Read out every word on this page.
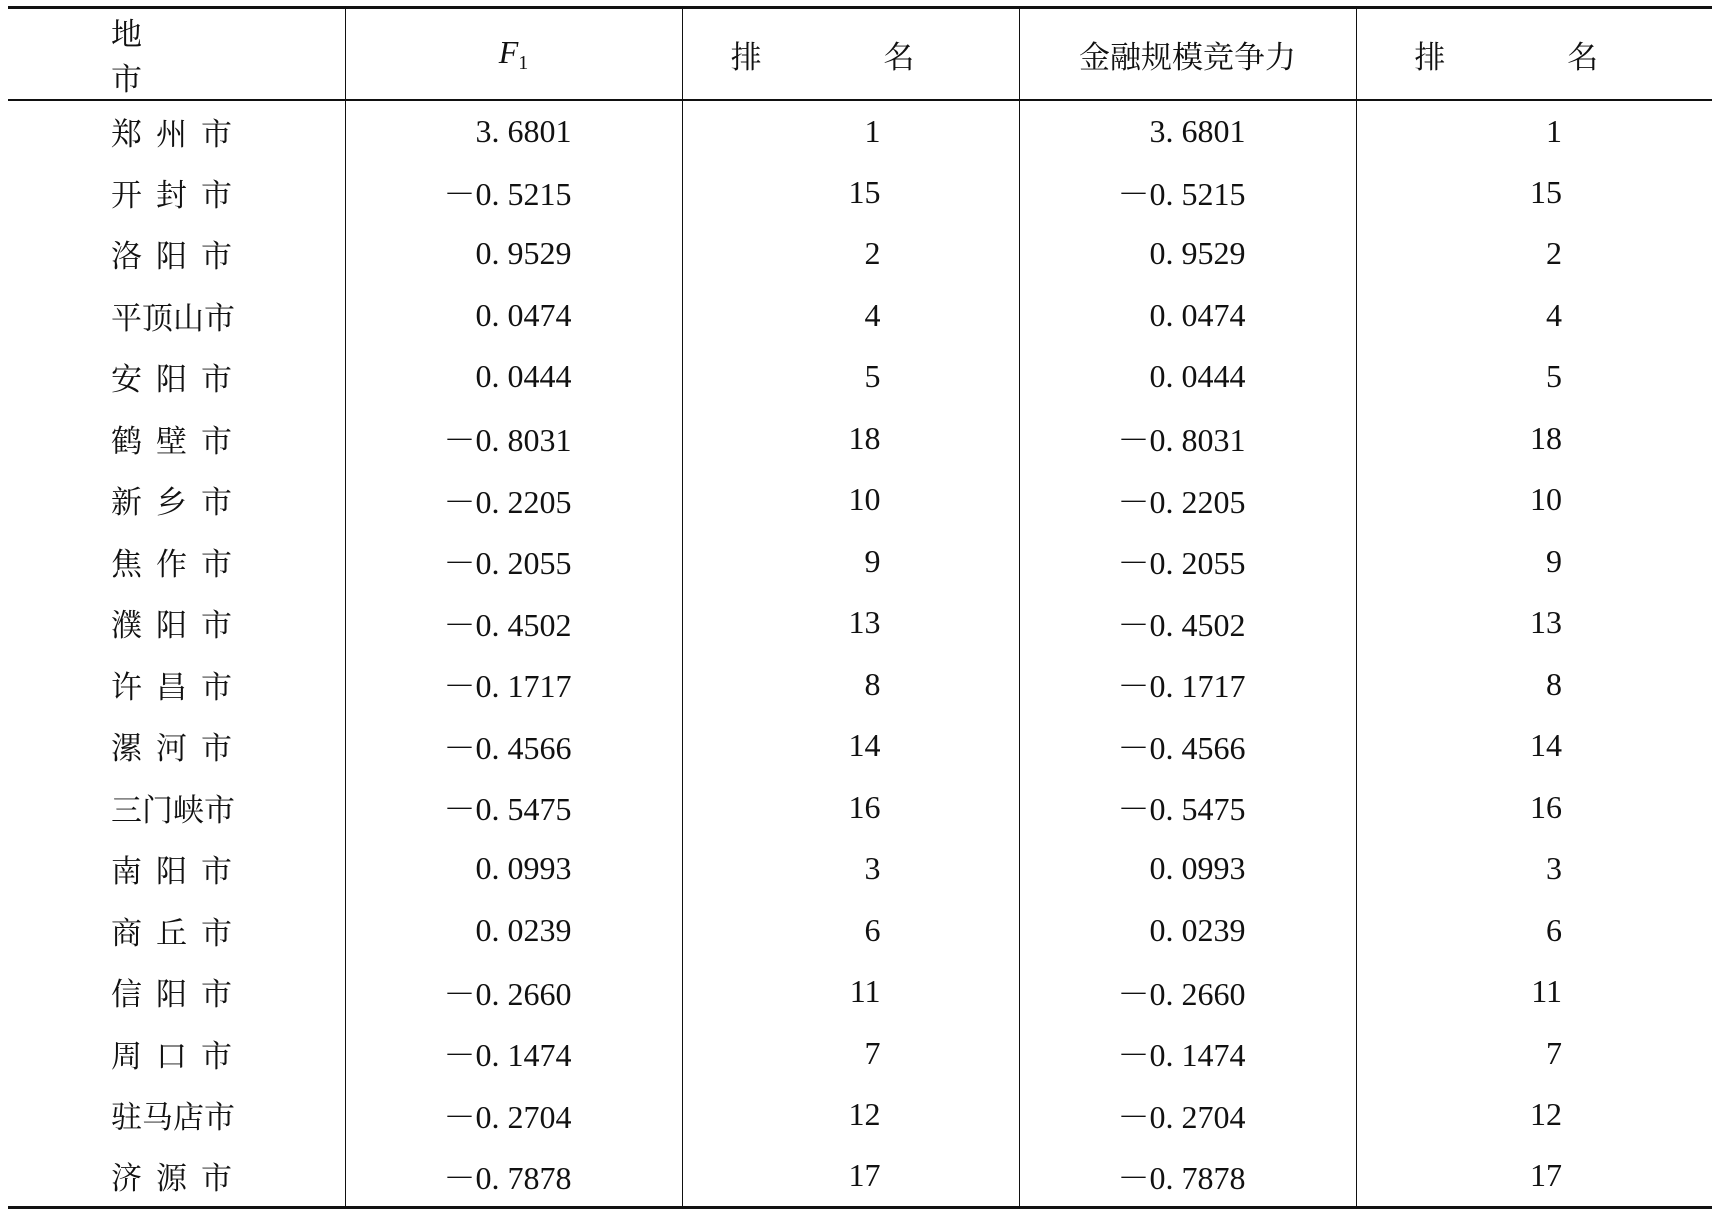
地 市	$F_1$	排 名	金融规模竞争力	排 名
郑州市	3. 6801	1	3. 6801	1
开封市	－0. 5215	15	－0. 5215	15
洛阳市	0. 9529	2	0. 9529	2
平顶山市	0. 0474	4	0. 0474	4
安阳市	0. 0444	5	0. 0444	5
鹤壁市	－0. 8031	18	－0. 8031	18
新乡市	－0. 2205	10	－0. 2205	10
焦作市	－0. 2055	9	－0. 2055	9
濮阳市	－0. 4502	13	－0. 4502	13
许昌市	－0. 1717	8	－0. 1717	8
漯河市	－0. 4566	14	－0. 4566	14
三门峡市	－0. 5475	16	－0. 5475	16
南阳市	0. 0993	3	0. 0993	3
商丘市	0. 0239	6	0. 0239	6
信阳市	－0. 2660	11	－0. 2660	11
周口市	－0. 1474	7	－0. 1474	7
驻马店市	－0. 2704	12	－0. 2704	12
济源市	－0. 7878	17	－0. 7878	17
